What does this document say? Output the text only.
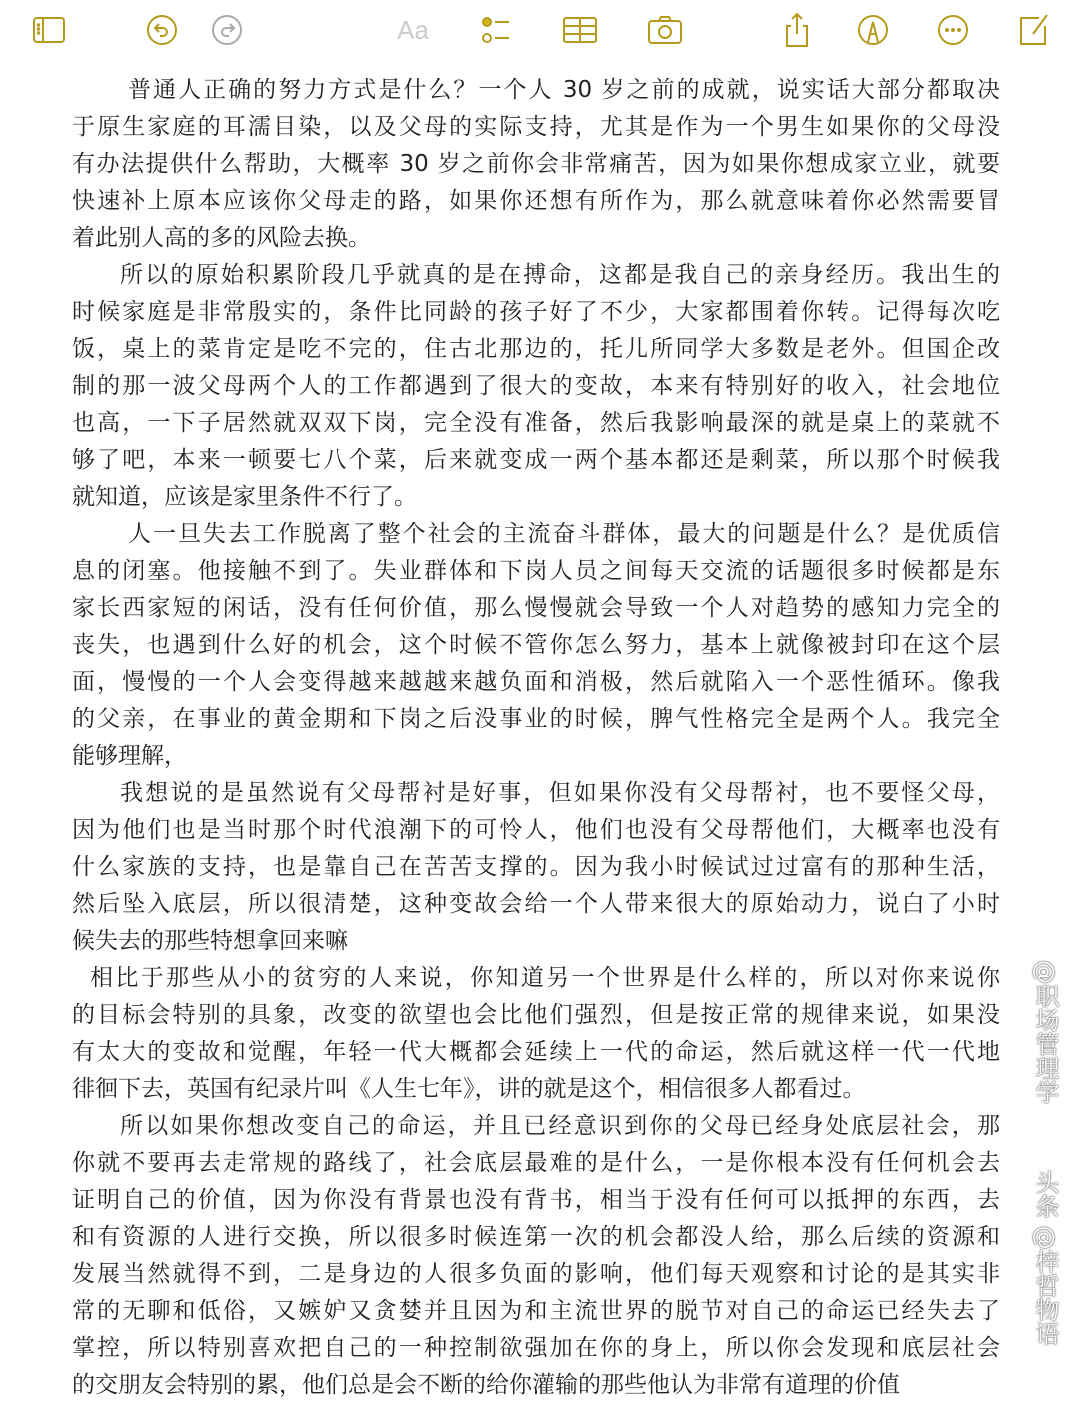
Aa
普通人正确的努力方式是什么？一个人 30 岁之前的成就，说实话大部分都取决
于原生家庭的耳濡目染，以及父母的实际支持，尤其是作为一个男生如果你的父母没
有办法提供什么帮助，大概率 30 岁之前你会非常痛苦，因为如果你想成家立业，就要
快速补上原本应该你父母走的路，如果你还想有所作为，那么就意味着你必然需要冒
着此别人高的多的风险去换。
所以的原始积累阶段几乎就真的是在搏命，这都是我自己的亲身经历。我出生的
时候家庭是非常殷实的，条件比同龄的孩子好了不少，大家都围着你转。记得每次吃
饭，桌上的菜肯定是吃不完的，住古北那边的，托儿所同学大多数是老外。但国企改
制的那一波父母两个人的工作都遇到了很大的变故，本来有特别好的收入，社会地位
也高，一下子居然就双双下岗，完全没有准备，然后我影响最深的就是桌上的菜就不
够了吧，本来一顿要七八个菜，后来就变成一两个基本都还是剩菜，所以那个时候我
就知道，应该是家里条件不行了。
人一旦失去工作脱离了整个社会的主流奋斗群体，最大的问题是什么？是优质信
息的闭塞。他接触不到了。失业群体和下岗人员之间每天交流的话题很多时候都是东
家长西家短的闲话，没有任何价值，那么慢慢就会导致一个人对趋势的感知力完全的
丧失，也遇到什么好的机会，这个时候不管你怎么努力，基本上就像被封印在这个层
面，慢慢的一个人会变得越来越越来越负面和消极，然后就陷入一个恶性循环。像我
的父亲，在事业的黄金期和下岗之后没事业的时候，脾气性格完全是两个人。我完全
能够理解，
我想说的是虽然说有父母帮衬是好事，但如果你没有父母帮衬，也不要怪父母，
因为他们也是当时那个时代浪潮下的可怜人，他们也没有父母帮他们，大概率也没有
什么家族的支持，也是靠自己在苦苦支撑的。因为我小时候试过过富有的那种生活，
然后坠入底层，所以很清楚，这种变故会给一个人带来很大的原始动力，说白了小时
候失去的那些特想拿回来嘛
相比于那些从小的贫穷的人来说，你知道另一个世界是什么样的，所以对你来说你
的目标会特别的具象，改变的欲望也会比他们强烈，但是按正常的规律来说，如果没
有太大的变故和觉醒，年轻一代大概都会延续上一代的命运，然后就这样一代一代地
徘徊下去，英国有纪录片叫《人生七年》，讲的就是这个，相信很多人都看过。
所以如果你想改变自己的命运，并且已经意识到你的父母已经身处底层社会，那
你就不要再去走常规的路线了，社会底层最难的是什么，一是你根本没有任何机会去
证明自己的价值，因为你没有背景也没有背书，相当于没有任何可以抵押的东西，去
和有资源的人进行交换，所以很多时候连第一次的机会都没人给，那么后续的资源和
发展当然就得不到，二是身边的人很多负面的影响，他们每天观察和讨论的是其实非
常的无聊和低俗，又嫉妒又贪婪并且因为和主流世界的脱节对自己的命运已经失去了
掌控，所以特别喜欢把自己的一种控制欲强加在你的身上，所以你会发现和底层社会
的交朋友会特别的累，他们总是会不断的给你灌输的那些他认为非常有道理的价值
头条 @梓哲物语
@职场管理学
